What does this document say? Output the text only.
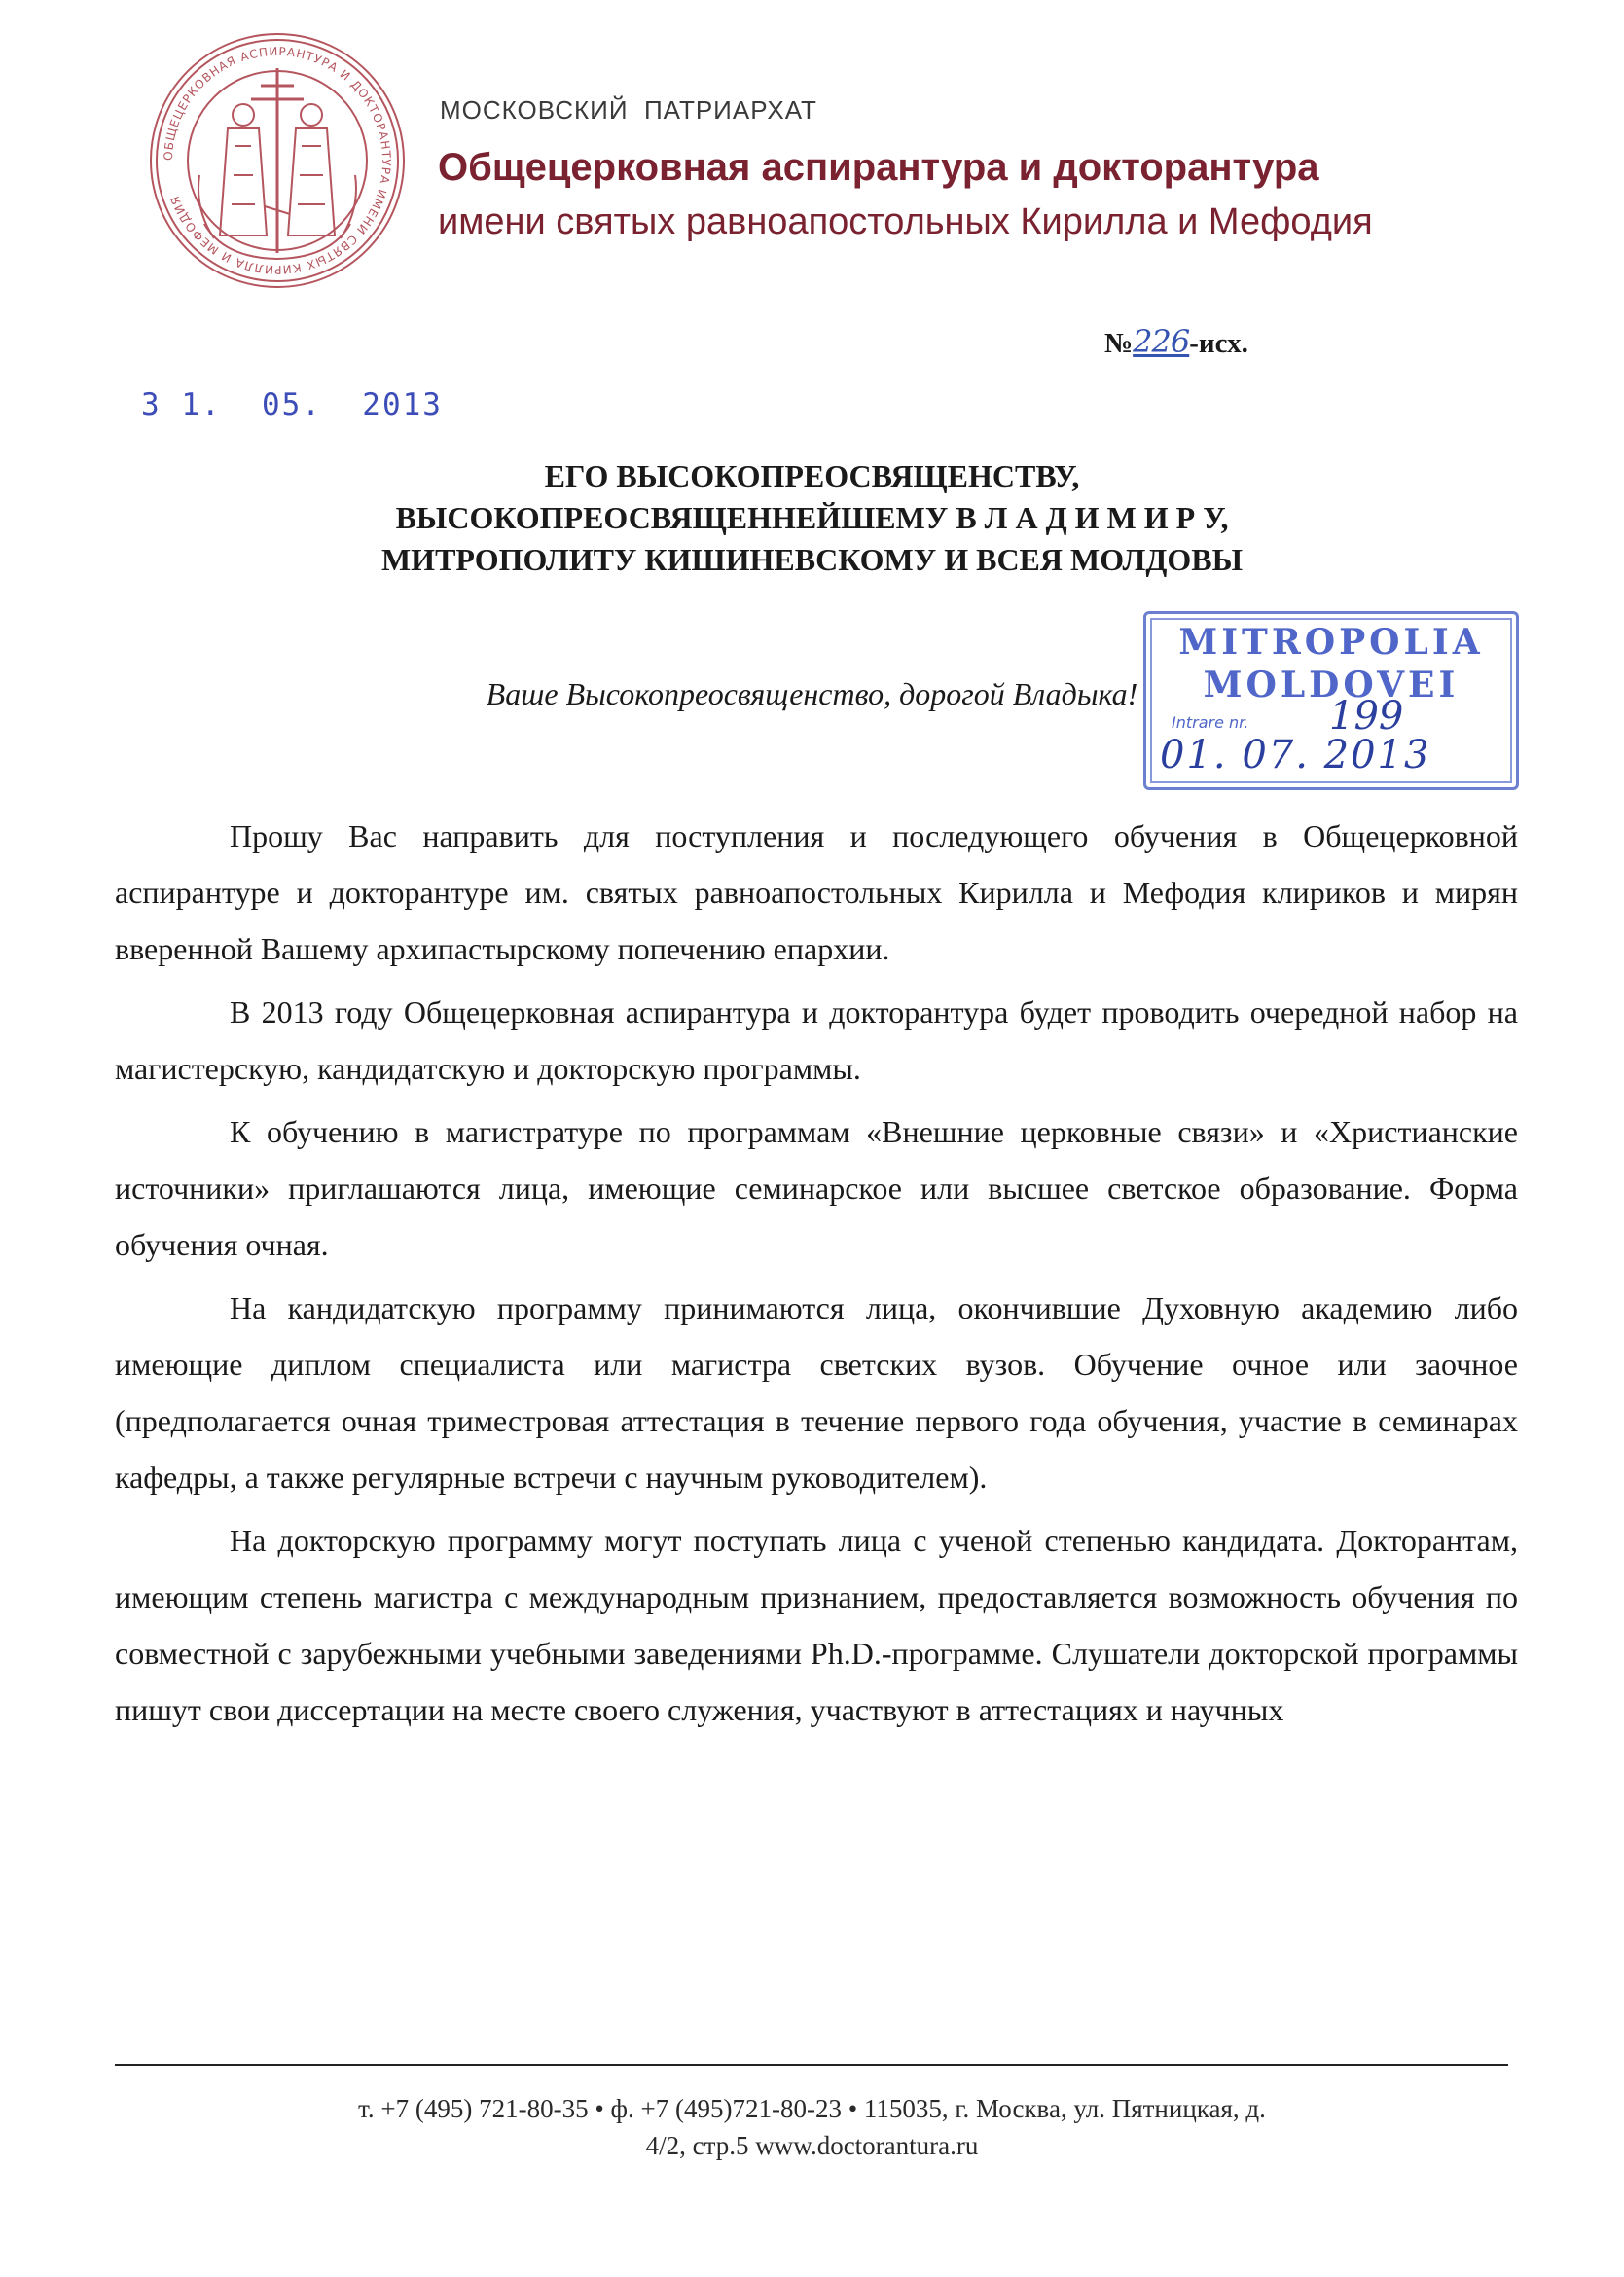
ОБЩЕЦЕРКОВНАЯ АСПИРАНТУРА И ДОКТОРАНТУРА ИМЕНИ СВЯТЫХ КИРИЛЛА И МЕФОДИЯ
МОСКОВСКИЙ  ПАТРИАРХАТ
Общецерковная аспирантура и докторантура
имени святых равноапостольных Кирилла и Мефодия
№226-исх.
3 1.  05.  2013
ЕГО ВЫСОКОПРЕОСВЯЩЕНСТВУ,
ВЫСОКОПРЕОСВЯЩЕННЕЙШЕМУ В Л А Д И М И Р У,
МИТРОПОЛИТУ КИШИНЕВСКОМУ И ВСЕЯ МОЛДОВЫ
Ваше Высокопреосвященство, дорогой Владыка!
MITROPOLIA
MOLDOVEI
Intrare nr. 199
01. 07. 2013

Прошу Вас направить для поступления и последующего обучения в Общецерковной аспирантуре и докторантуре им. святых равноапостольных Кирилла и Мефодия клириков и мирян вверенной Вашему архипастырскому попечению епархии.

В 2013 году Общецерковная аспирантура и докторантура будет проводить очередной набор на магистерскую, кандидатскую и докторскую программы.

К обучению в магистратуре по программам «Внешние церковные связи» и «Христианские источники» приглашаются лица, имеющие семинарское или высшее светское образование. Форма обучения очная.

На кандидатскую программу принимаются лица, окончившие Духовную академию либо имеющие диплом специалиста или магистра светских вузов. Обучение очное или заочное (предполагается очная триместровая аттестация в течение первого года обучения, участие в семинарах кафедры, а также регулярные встречи с научным руководителем).

На докторскую программу могут поступать лица с ученой степенью кандидата. Докторантам, имеющим степень магистра с международным признанием, предоставляется возможность обучения по совместной с зарубежными учебными заведениями Ph.D.-программе. Слушатели докторской программы пишут свои диссертации на месте своего служения, участвуют в аттестациях и научных

т. +7 (495) 721-80-35 • ф. +7 (495)721-80-23 • 115035, г. Москва, ул. Пятницкая, д.
4/2, стр.5 www.doctorantura.ru
